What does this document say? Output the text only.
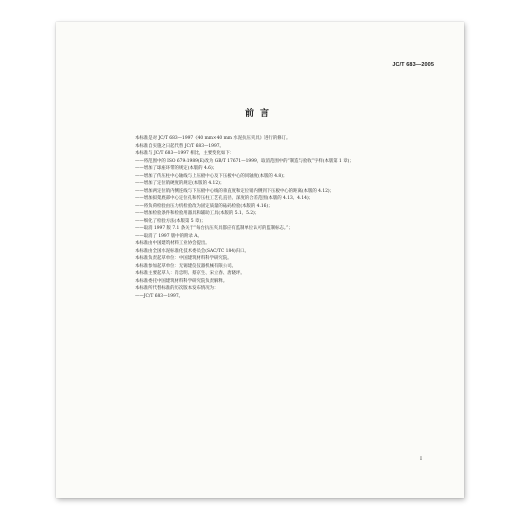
JC/T 683—2005
前言

本标准是对 JC/T 683—1997《40 mm×40 mm 水泥抗压夹具》进行的修订。

本标准自实施之日起代替 JC/T 683—1997。

本标准与 JC/T 683—1997 相比，主要变化如下：

——将范围中的 ISO 679:1989(E)改为 GB/T 17671—1999，取消范围中的“制造与验收”字样(本版第 1 章)；

——增加了球座环带的规定(本版的 4.6)；

——增加了传压柱中心轴线与上压板中心及下压板中心的同轴度(本版的 4.8)；

——增加了定位销硬度的规定(本版的 4.12)；

——增加两定位销内侧连线与下压板中心线的垂直度和定位销内侧到下压板中心的距离(本版的 4.12)；

——增加拟架底部中心定位孔和传压柱工艺孔直径、深度的合差范围(本版的 4.13、4.14)；

——将负荷检验由压力机检验改为固定质量的砝码检验(本版的 4.16)；

——增加检验条件和检验用器具和辅助工具(本版的 5.1、5.2)；

——细化了检验方法(本版第 5 章)；

——取消 1997 版 7.1 条关于“每台抗压夹具都应有监制单位认可的监制标志。”；

——取消了 1997 版中的附录 A。

本标准由中国建筑材料工业协会提出。

本标准由全国水泥标准化技术委员会(SAC/TC 184)归口。

本标准负责起草单位：中国建筑材料科学研究院。

本标准参加起草单位：无锡建仪仪器机械有限公司。

本标准主要起草人：肖忠明、蔡京生、宋立春、唐晓坪。

本标准委托中国建筑材料科学研究院负责解释。

本标准所代替标准的历次版本发布情况为：

——JC/T 683—1997。

I
